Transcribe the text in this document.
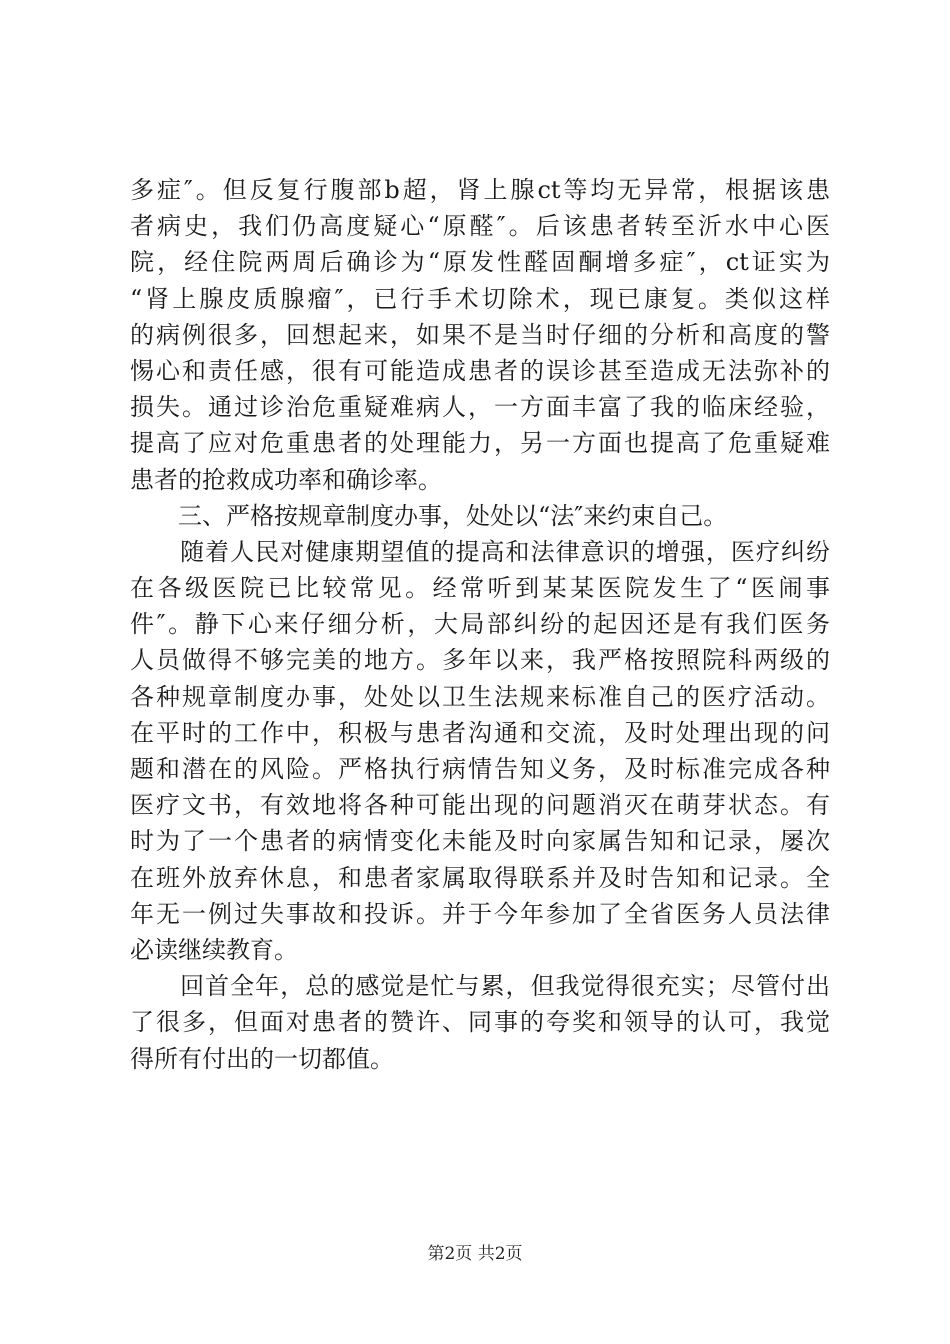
多症″。但反复行腹部b超，肾上腺ct等均无异常，根据该患
者病史，我们仍高度疑心“原醛″。后该患者转至沂水中心医
院，经住院两周后确诊为“原发性醛固酮增多症″，ct证实为
“肾上腺皮质腺瘤″，已行手术切除术，现已康复。类似这样
的病例很多，回想起来，如果不是当时仔细的分析和高度的警
惕心和责任感，很有可能造成患者的误诊甚至造成无法弥补的
损失。通过诊治危重疑难病人，一方面丰富了我的临床经验，
提高了应对危重患者的处理能力，另一方面也提高了危重疑难
患者的抢救成功率和确诊率。
　　三、严格按规章制度办事，处处以“法″来约束自己。
　　随着人民对健康期望值的提高和法律意识的增强，医疗纠纷
在各级医院已比较常见。经常听到某某医院发生了“医闹事
件″。静下心来仔细分析，大局部纠纷的起因还是有我们医务
人员做得不够完美的地方。多年以来，我严格按照院科两级的
各种规章制度办事，处处以卫生法规来标准自己的医疗活动。
在平时的工作中，积极与患者沟通和交流，及时处理出现的问
题和潜在的风险。严格执行病情告知义务，及时标准完成各种
医疗文书，有效地将各种可能出现的问题消灭在萌芽状态。有
时为了一个患者的病情变化未能及时向家属告知和记录，屡次
在班外放弃休息，和患者家属取得联系并及时告知和记录。全
年无一例过失事故和投诉。并于今年参加了全省医务人员法律
必读继续教育。
　　回首全年，总的感觉是忙与累，但我觉得很充实；尽管付出
了很多，但面对患者的赞许、同事的夸奖和领导的认可，我觉
得所有付出的一切都值。
第2页 共2页
